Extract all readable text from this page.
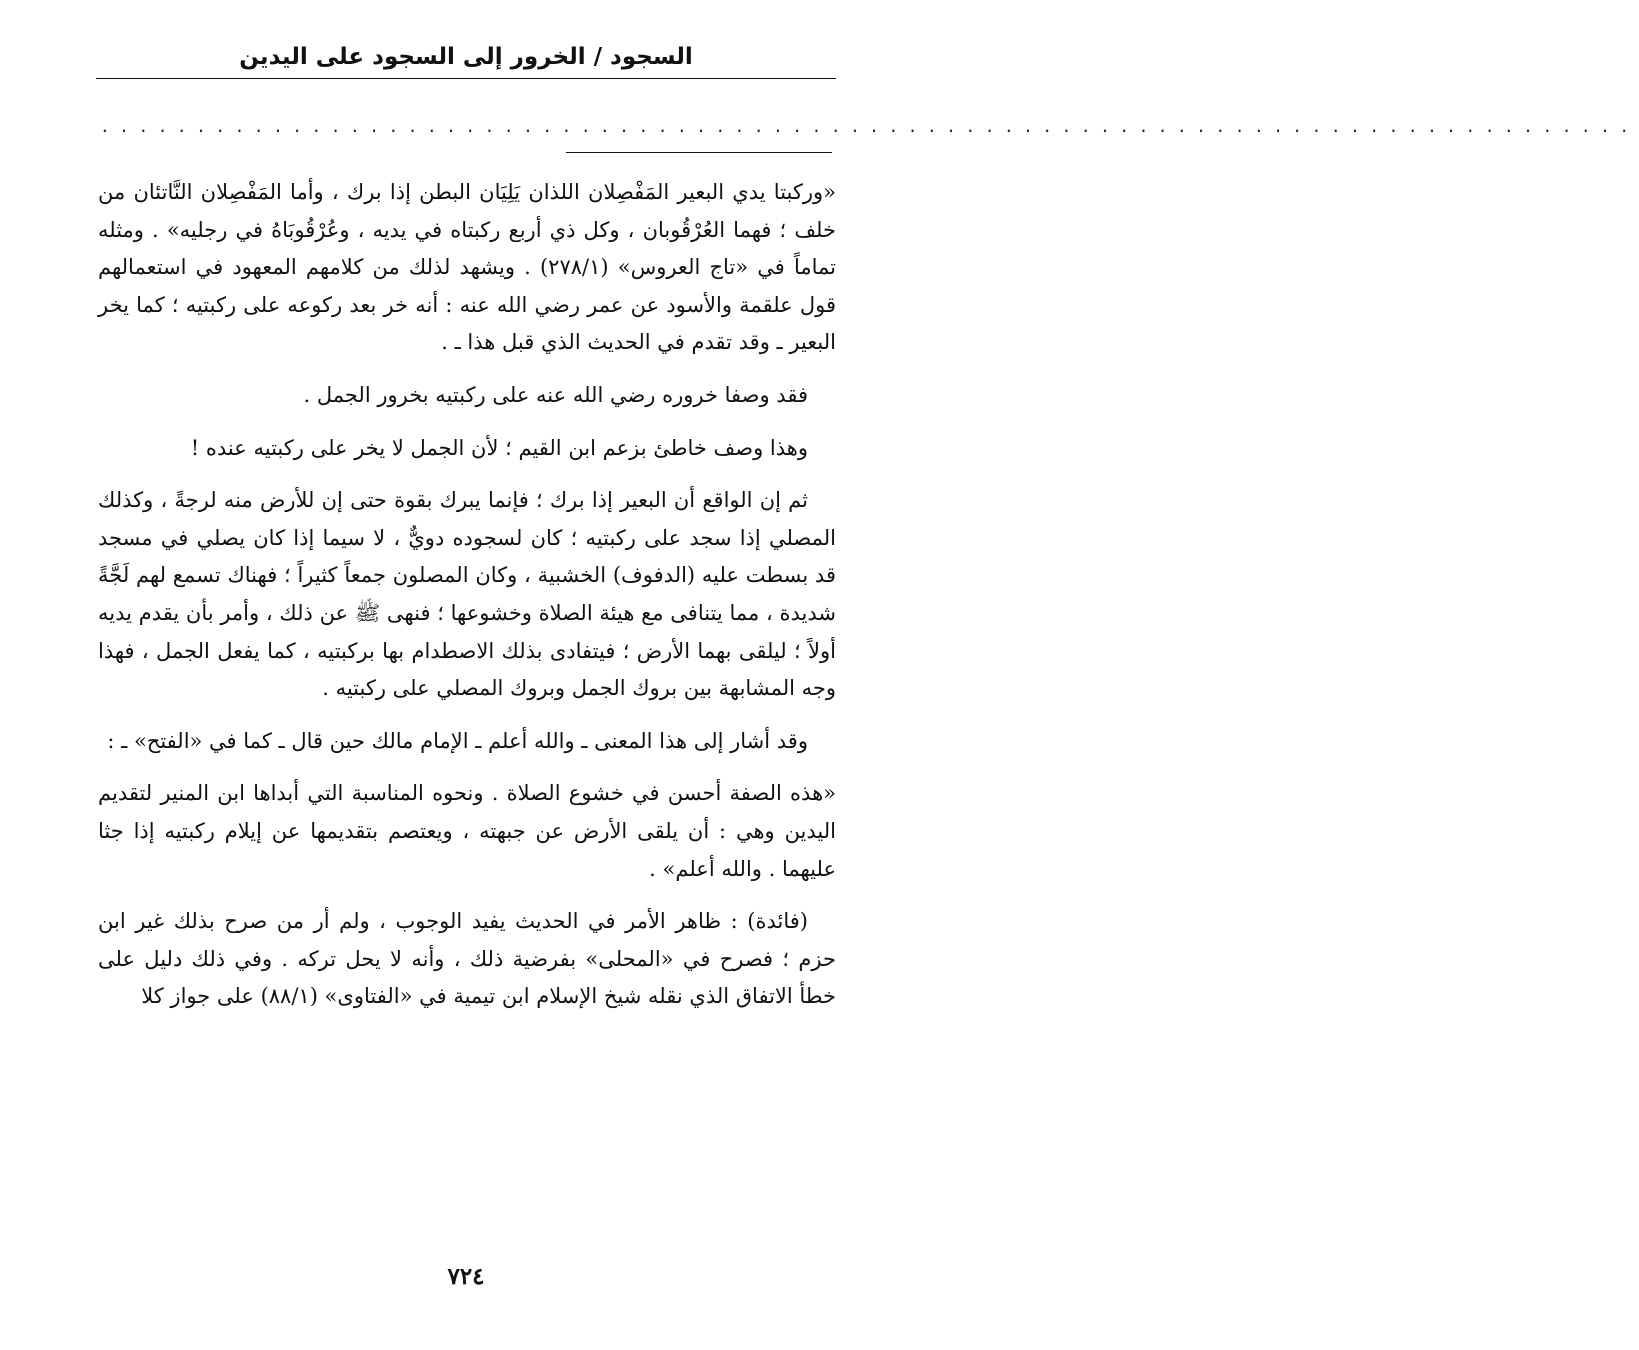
السجود / الخرور إلى السجود على اليدين
................................................................................

«وركبتا يدي البعير المَفْصِلان اللذان يَلِيَان البطن إذا برك ، وأما المَفْصِلان النَّاتئان من خلف ؛ فهما العُرْقُوبان ، وكل ذي أربع ركبتاه في يديه ، وعُرْقُوبَاهُ في رجليه» . ومثله تماماً في «تاج العروس» (٢٧٨/١) . ويشهد لذلك من كلامهم المعهود في استعمالهم قول علقمة والأسود عن عمر رضي الله عنه : أنه خر بعد ركوعه على ركبتيه ؛ كما يخر البعير ـ وقد تقدم في الحديث الذي قبل هذا ـ .

فقد وصفا خروره رضي الله عنه على ركبتيه بخرور الجمل .

وهذا وصف خاطئ بزعم ابن القيم ؛ لأن الجمل لا يخر على ركبتيه عنده !

ثم إن الواقع أن البعير إذا برك ؛ فإنما يبرك بقوة حتى إن للأرض منه لرجةً ، وكذلك المصلي إذا سجد على ركبتيه ؛ كان لسجوده دويٌّ ، لا سيما إذا كان يصلي في مسجد قد بسطت عليه (الدفوف) الخشبية ، وكان المصلون جمعاً كثيراً ؛ فهناك تسمع لهم لَجَّةً شديدة ، مما يتنافى مع هيئة الصلاة وخشوعها ؛ فنهى ﷺ عن ذلك ، وأمر بأن يقدم يديه أولاً ؛ ليلقى بهما الأرض ؛ فيتفادى بذلك الاصطدام بها بركبتيه ، كما يفعل الجمل ، فهذا وجه المشابهة بين بروك الجمل وبروك المصلي على ركبتيه .

وقد أشار إلى هذا المعنى ـ والله أعلم ـ الإمام مالك حين قال ـ كما في «الفتح» ـ :

«هذه الصفة أحسن في خشوع الصلاة . ونحوه المناسبة التي أبداها ابن المنير لتقديم اليدين وهي : أن يلقى الأرض عن جبهته ، ويعتصم بتقديمها عن إيلام ركبتيه إذا جثا عليهما . والله أعلم» .

(فائدة) : ظاهر الأمر في الحديث يفيد الوجوب ، ولم أر من صرح بذلك غير ابن حزم ؛ فصرح في «المحلى» بفرضية ذلك ، وأنه لا يحل تركه . وفي ذلك دليل على خطأ الاتفاق الذي نقله شيخ الإسلام ابن تيمية في «الفتاوى» (٨٨/١) على جواز كلا

٧٢٤
